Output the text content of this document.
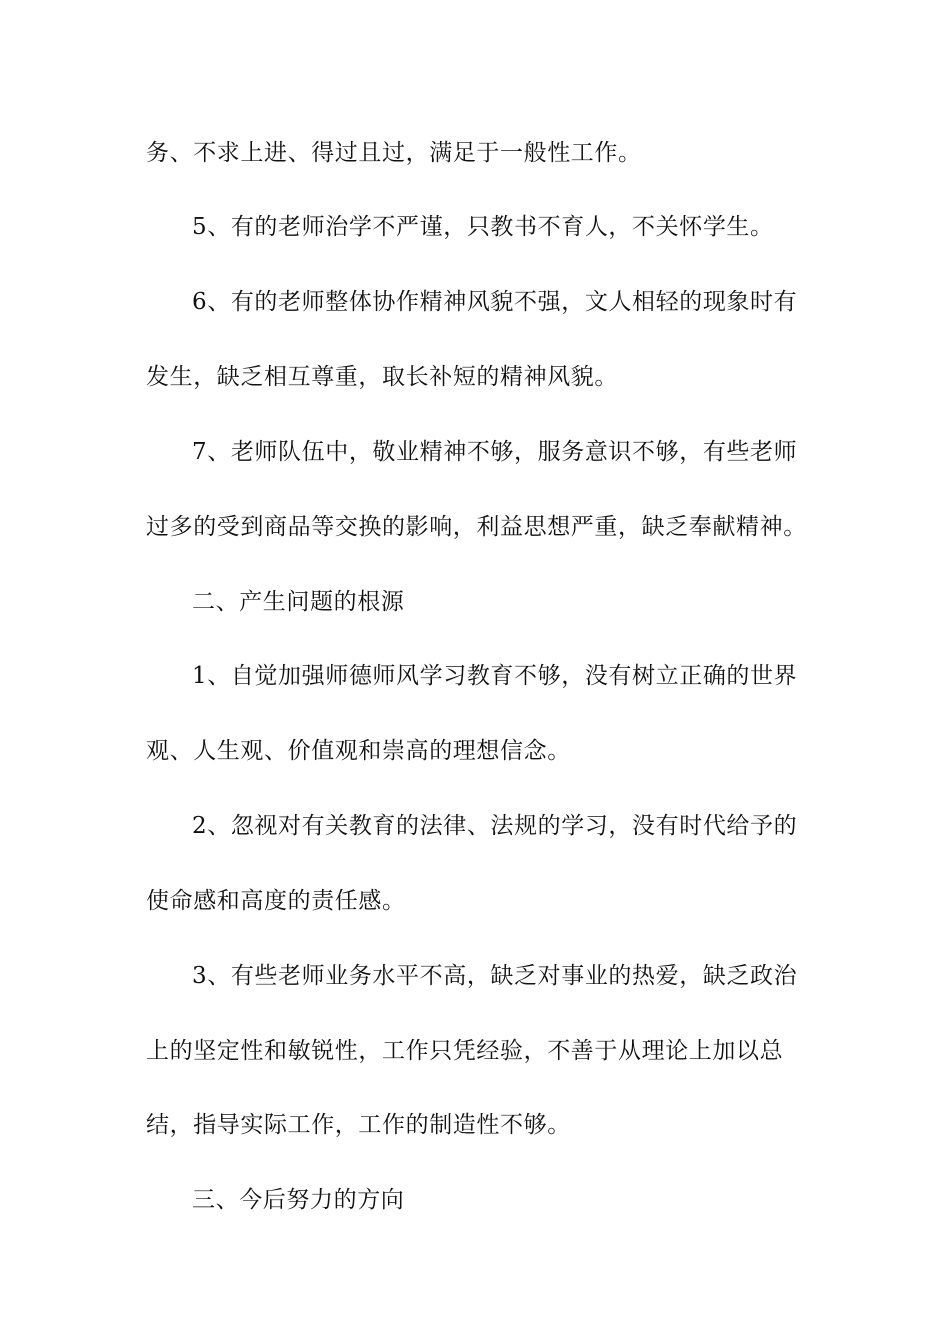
务、不求上进、得过且过，满足于一般性工作。
5、有的老师治学不严谨，只教书不育人，不关怀学生。
6、有的老师整体协作精神风貌不强，文人相轻的现象时有
发生，缺乏相互尊重，取长补短的精神风貌。
7、老师队伍中，敬业精神不够，服务意识不够，有些老师
过多的受到商品等交换的影响，利益思想严重，缺乏奉献精神。
二、产生问题的根源
1、自觉加强师德师风学习教育不够，没有树立正确的世界
观、人生观、价值观和崇高的理想信念。
2、忽视对有关教育的法律、法规的学习，没有时代给予的
使命感和高度的责任感。
3、有些老师业务水平不高，缺乏对事业的热爱，缺乏政治
上的坚定性和敏锐性，工作只凭经验，不善于从理论上加以总
结，指导实际工作，工作的制造性不够。
三、今后努力的方向
